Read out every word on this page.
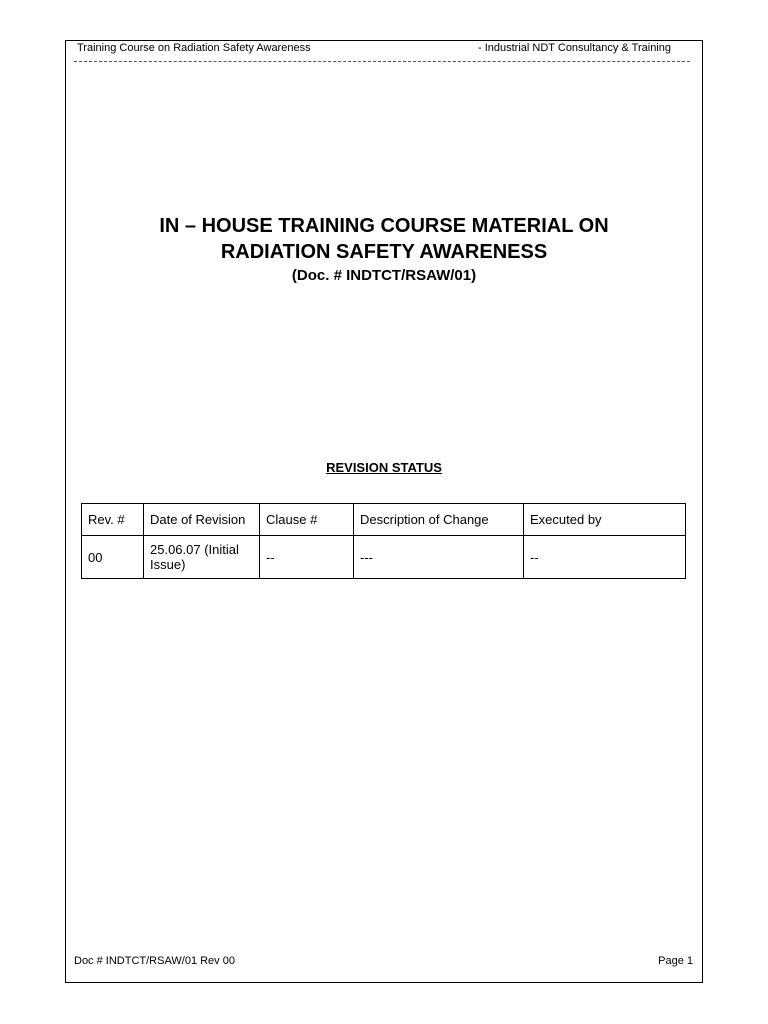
Training Course on Radiation Safety Awareness	- Industrial NDT Consultancy & Training
IN – HOUSE TRAINING COURSE MATERIAL ON
RADIATION SAFETY AWARENESS
(Doc. # INDTCT/RSAW/01)
REVISION STATUS
Rev. #	Date of Revision	Clause #	Description of Change	Executed by
00	25.06.07 (Initial Issue)	--	---	--
Doc # INDTCT/RSAW/01 Rev 00	Page 1
